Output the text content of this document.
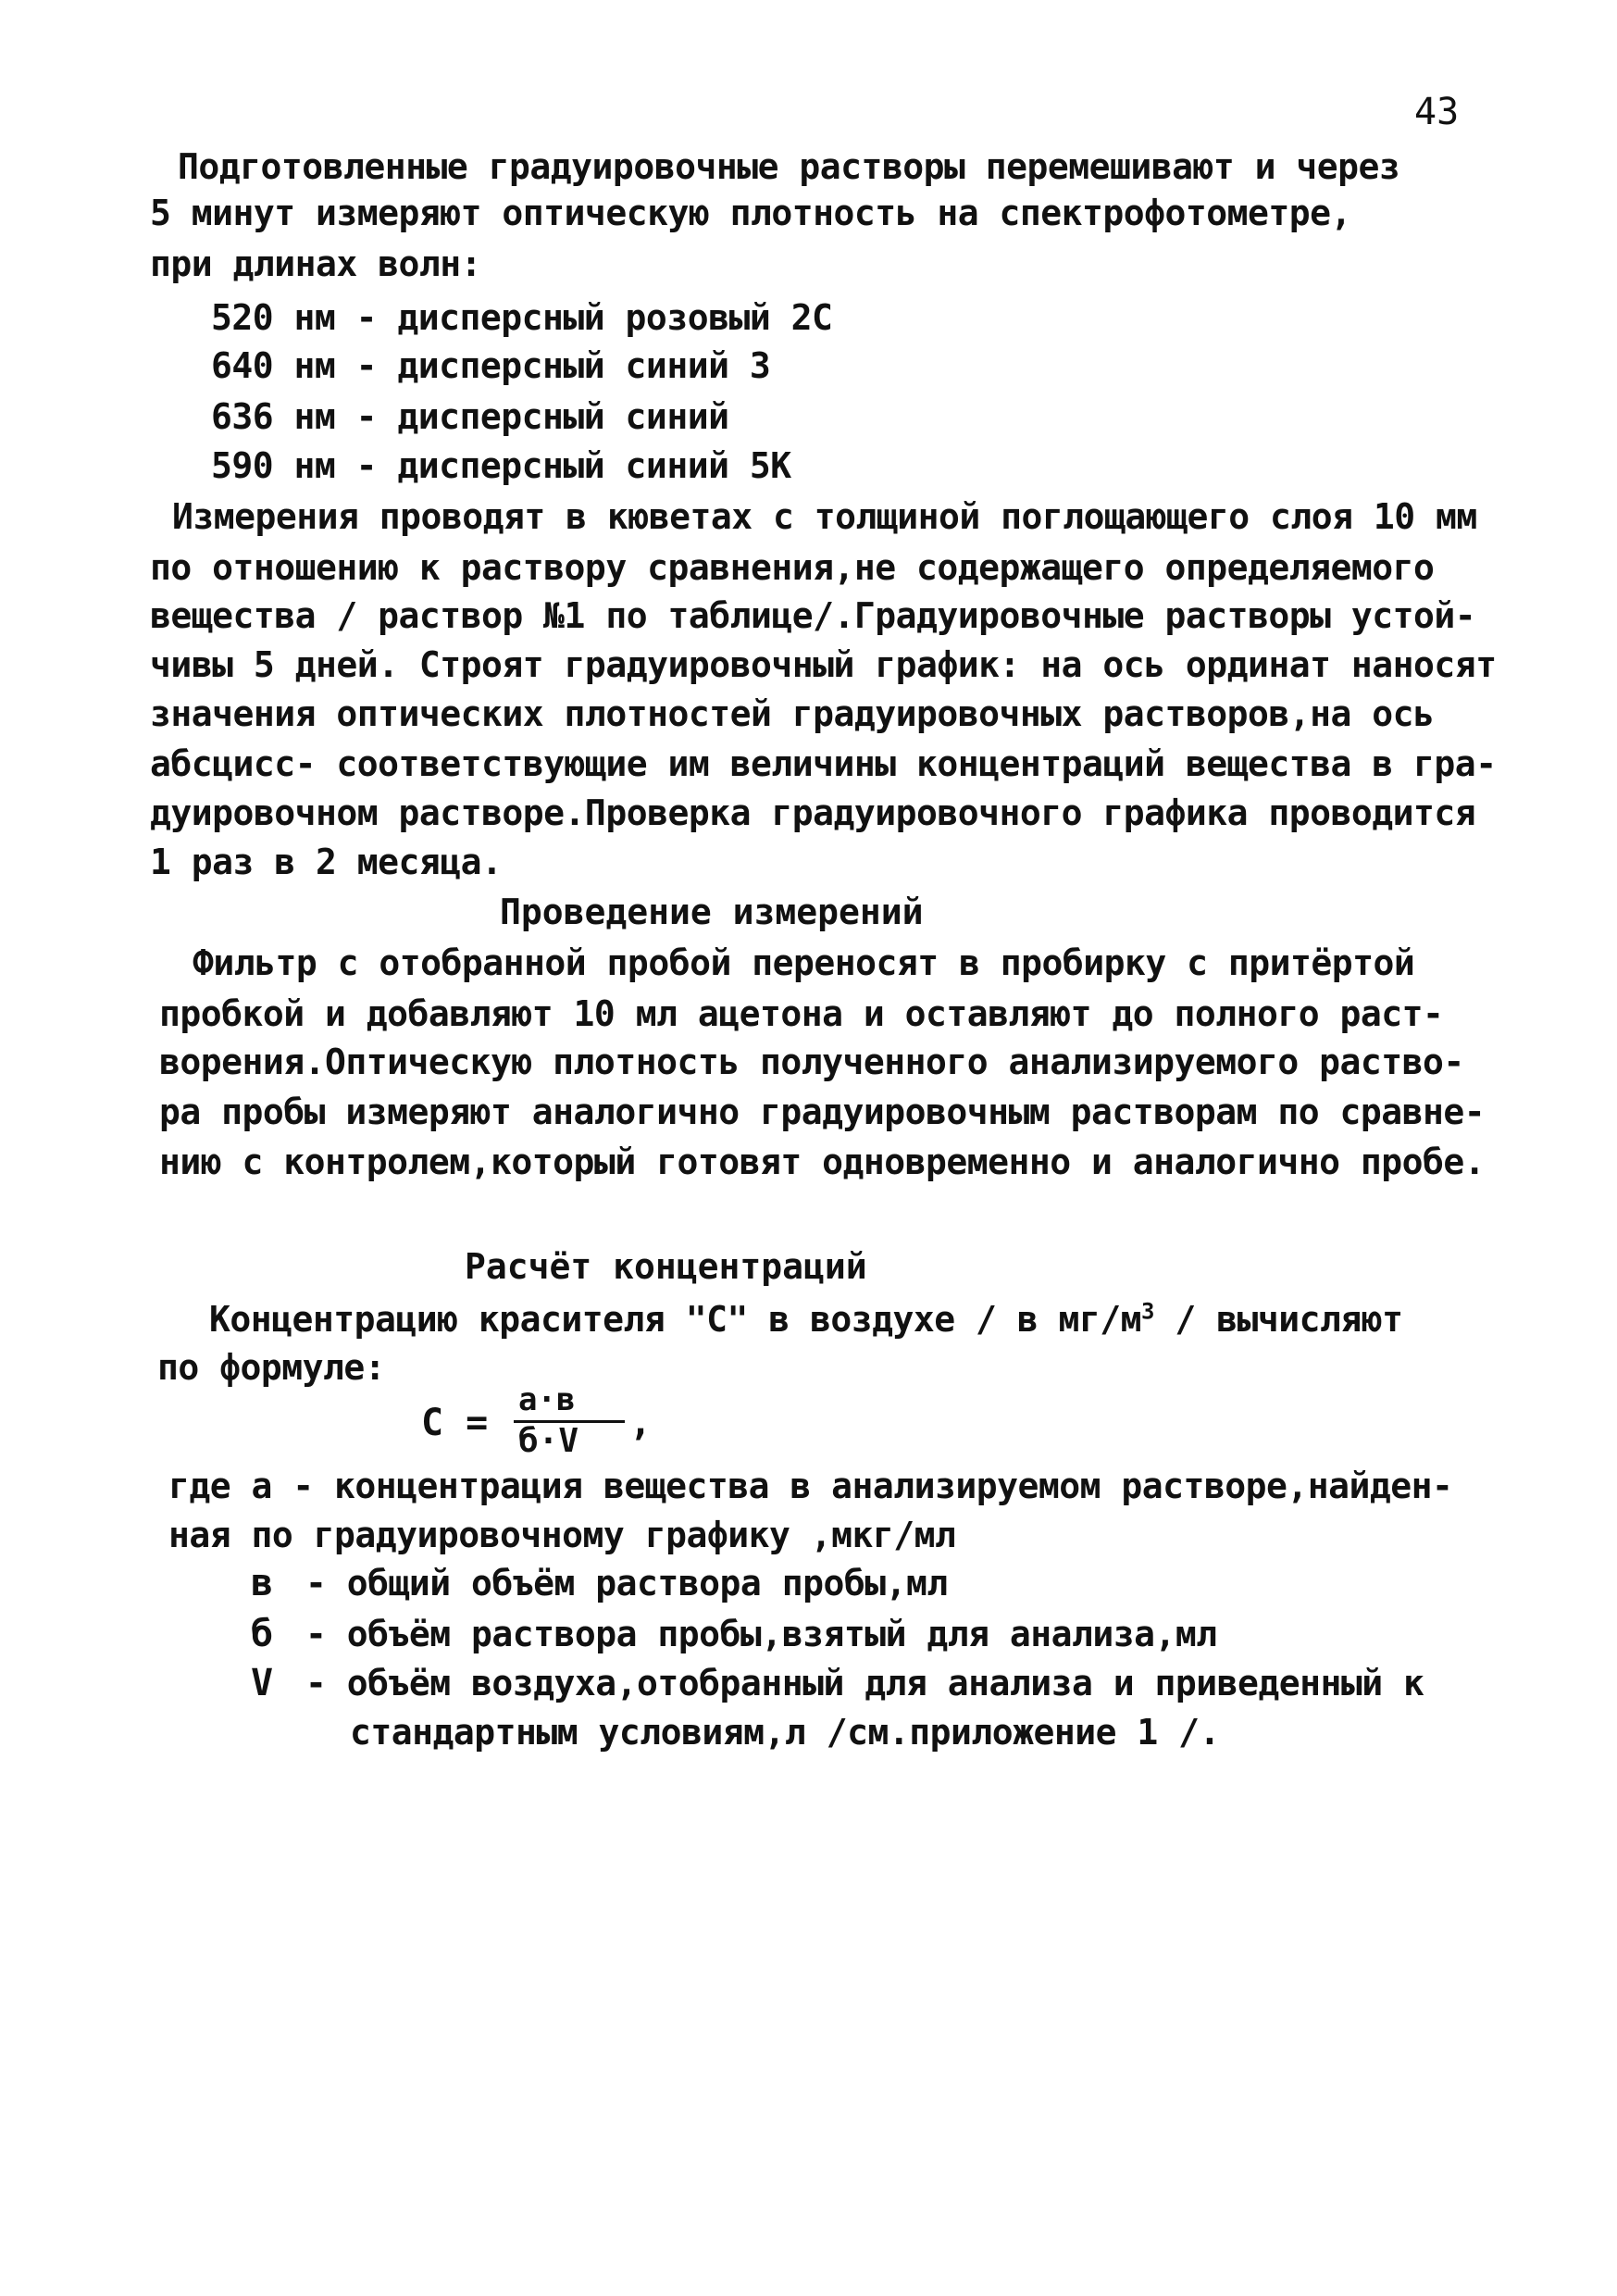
43
Подготовленные градуировочные растворы перемешивают и через
5 минут измеряют оптическую плотность на спектрофотометре,
при длинах волн:
520 нм - дисперсный розовый 2С
640 нм - дисперсный синий 3
636 нм - дисперсный синий
590 нм - дисперсный синий 5К
Измерения проводят в кюветах с толщиной поглощающего слоя 10 мм
по отношению к раствору сравнения,не содержащего определяемого
вещества / раствор №1 по таблице/.Градуировочные растворы устой-
чивы 5 дней. Строят градуировочный график: на ось ординат наносят
значения оптических плотностей градуировочных растворов,на ось
абсцисс- соответствующие им величины концентраций вещества в гра-
дуировочном растворе.Проверка градуировочного графика проводится
1 раз в 2 месяца.
Проведение измерений
Фильтр с отобранной пробой переносят в пробирку с притёртой
пробкой и добавляют 10 мл ацетона и оставляют до полного раст-
ворения.Оптическую плотность полученного анализируемого раство-
ра пробы измеряют аналогично градуировочным растворам по сравне-
нию с контролем,который готовят одновременно и аналогично пробе.
Расчёт концентраций
Концентрацию красителя "С" в воздухе / в $мг/м^3$ / вычисляют
по формуле:
С =
а·в
б·V ,
где а - концентрация вещества в анализируемом растворе,найден-
ная по градуировочному графику ,мкг/мл
в - общий объём раствора пробы,мл
б - объём раствора пробы,взятый для анализа,мл
V - объём воздуха,отобранный для анализа и приведенный к
стандартным условиям,л /см.приложение 1 /.
